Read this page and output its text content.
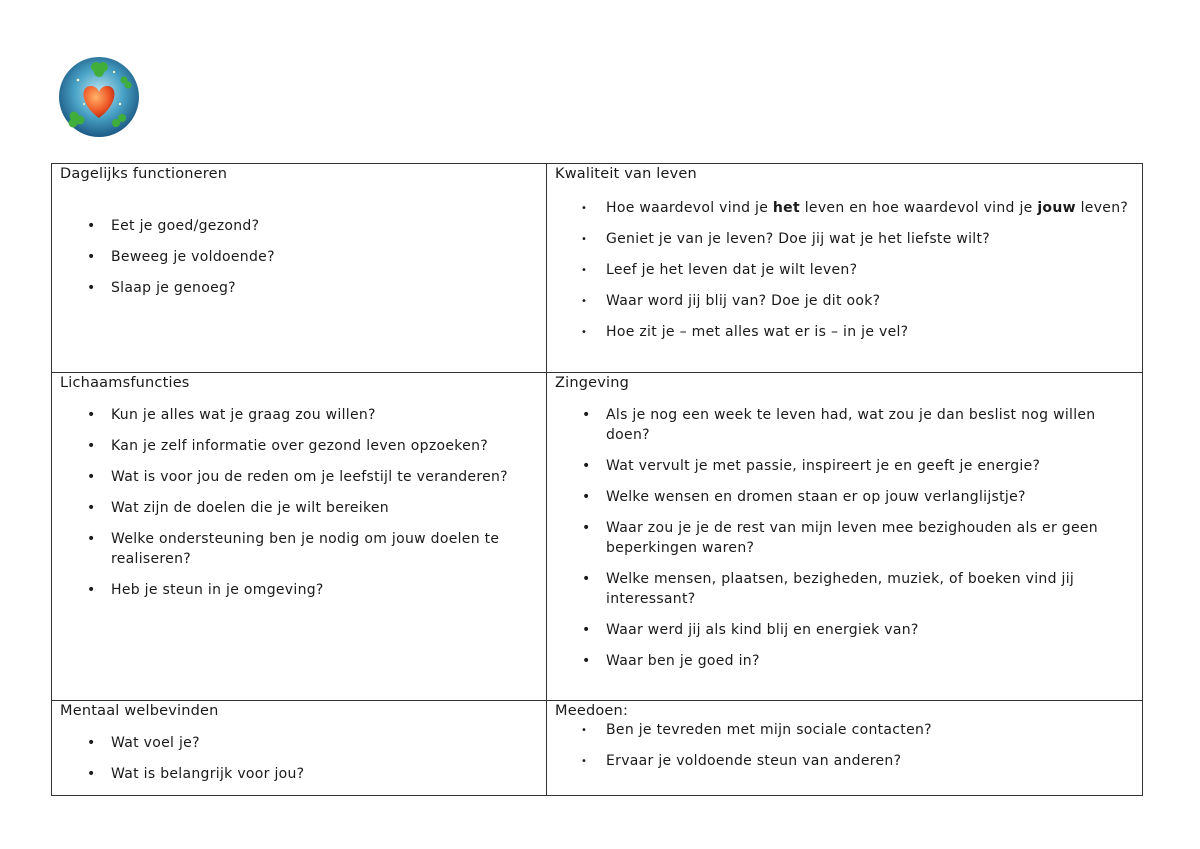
Dagelijks functioneren
• Eet je goed/gezond?
• Beweeg je voldoende?
• Slaap je genoeg?
Kwaliteit van leven
• Hoe waardevol vind je het leven en hoe waardevol vind je jouw leven?
• Geniet je van je leven? Doe jij wat je het liefste wilt?
• Leef je het leven dat je wilt leven?
• Waar word jij blij van? Doe je dit ook?
• Hoe zit je – met alles wat er is – in je vel?
Lichaamsfuncties
• Kun je alles wat je graag zou willen?
• Kan je zelf informatie over gezond leven opzoeken?
• Wat is voor jou de reden om je leefstijl te veranderen?
• Wat zijn de doelen die je wilt bereiken
• Welke ondersteuning ben je nodig om jouw doelen te realiseren?
• Heb je steun in je omgeving?
Zingeving
• Als je nog een week te leven had, wat zou je dan beslist nog willen doen?
• Wat vervult je met passie, inspireert je en geeft je energie?
• Welke wensen en dromen staan er op jouw verlanglijstje?
• Waar zou je je de rest van mijn leven mee bezighouden als er geen beperkingen waren?
• Welke mensen, plaatsen, bezigheden, muziek, of boeken vind jij interessant?
• Waar werd jij als kind blij en energiek van?
• Waar ben je goed in?
Mentaal welbevinden
• Wat voel je?
• Wat is belangrijk voor jou?
Meedoen:
• Ben je tevreden met mijn sociale contacten?
• Ervaar je voldoende steun van anderen?
